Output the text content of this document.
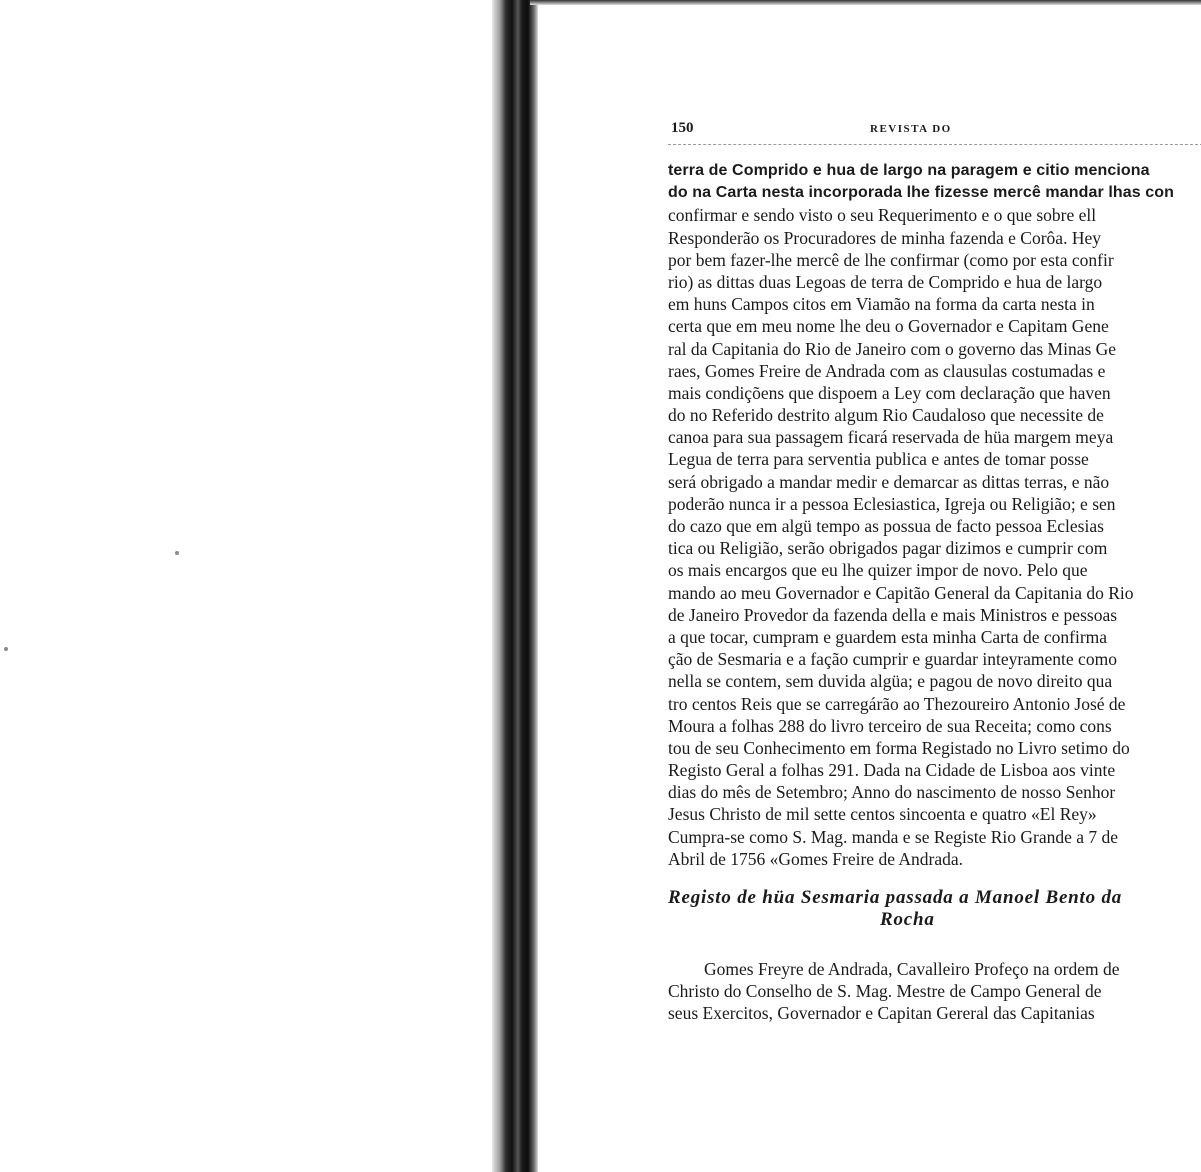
150	REVISTA DO
terra de Comprido e hua de largo na paragem e citio menciona
do na Carta nesta incorporada lhe fizesse mercê mandar lhas con
confirmar e sendo visto o seu Requerimento e o que sobre ell
Responderão os Procuradores de minha fazenda e Corôa. Hey
por bem fazer-lhe mercê de lhe confirmar (como por esta confir
rio) as dittas duas Legoas de terra de Comprido e hua de largo
em huns Campos citos em Viamão na forma da carta nesta in
certa que em meu nome lhe deu o Governador e Capitam Gene
ral da Capitania do Rio de Janeiro com o governo das Minas Ge
raes, Gomes Freire de Andrada com as clausulas costumadas e
mais condiçõens que dispoem a Ley com declaração que haven
do no Referido destrito algum Rio Caudaloso que necessite de
canoa para sua passagem ficará reservada de hüa margem meya
Legua de terra para serventia publica e antes de tomar posse
será obrigado a mandar medir e demarcar as dittas terras, e não
poderão nunca ir a pessoa Eclesiastica, Igreja ou Religião; e sen
do cazo que em algü tempo as possua de facto pessoa Eclesias
tica ou Religião, serão obrigados pagar dizimos e cumprir com
os mais encargos que eu lhe quizer impor de novo. Pelo que
mando ao meu Governador e Capitão General da Capitania do Rio
de Janeiro Provedor da fazenda della e mais Ministros e pessoas
a que tocar, cumpram e guardem esta minha Carta de confirma
ção de Sesmaria e a fação cumprir e guardar inteyramente como
nella se contem, sem duvida algüa; e pagou de novo direito qua
tro centos Reis que se carregárão ao Thezoureiro Antonio José de
Moura a folhas 288 do livro terceiro de sua Receita; como cons
tou de seu Conhecimento em forma Registado no Livro setimo do
Registo Geral a folhas 291. Dada na Cidade de Lisboa aos vinte
dias do mês de Setembro; Anno do nascimento de nosso Senhor
Jesus Christo de mil sette centos sincoenta e quatro «El Rey»
Cumpra-se como S. Mag. manda e se Registe Rio Grande a 7 de
Abril de 1756 «Gomes Freire de Andrada.
Registo de hüa Sesmaria passada a Manoel Bento da
Rocha
Gomes Freyre de Andrada, Cavalleiro Profeço na ordem de
Christo do Conselho de S. Mag. Mestre de Campo General de
seus Exercitos, Governador e Capitan Gereral das Capitanias
